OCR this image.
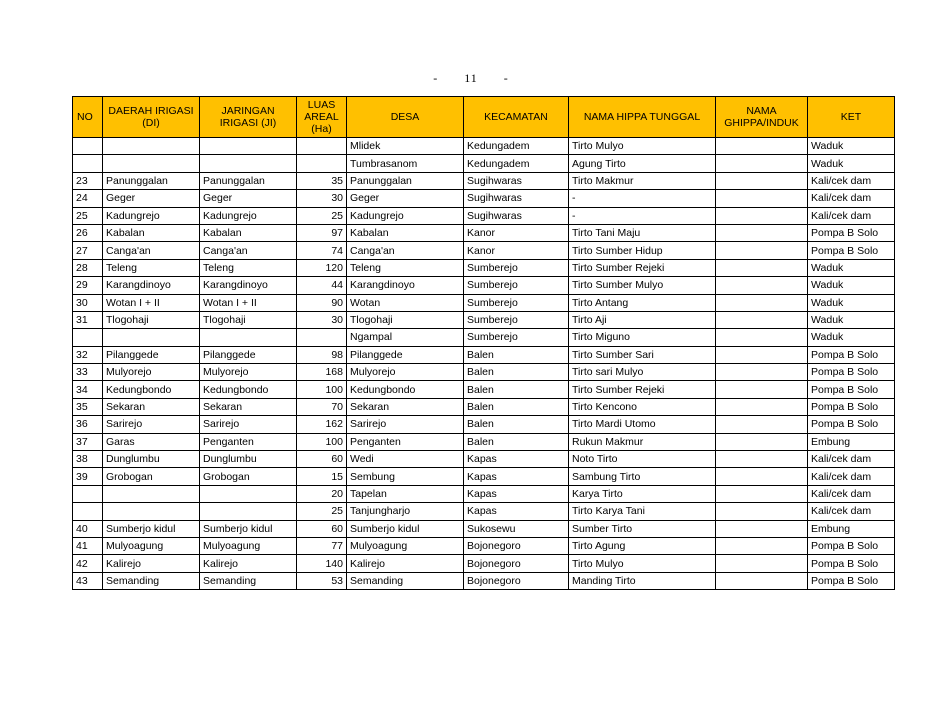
- 11 -
NO	DAERAH IRIGASI (DI)	JARINGAN IRIGASI (JI)	LUAS AREAL (Ha)	DESA	KECAMATAN	NAMA HIPPA TUNGGAL	NAMA GHIPPA/INDUK	KET
				Mlidek	Kedungadem	Tirto Mulyo		Waduk
				Tumbrasanom	Kedungadem	Agung Tirto		Waduk
23	Panunggalan	Panunggalan	35	Panunggalan	Sugihwaras	Tirto Makmur		Kali/cek dam
24	Geger	Geger	30	Geger	Sugihwaras	-		Kali/cek dam
25	Kadungrejo	Kadungrejo	25	Kadungrejo	Sugihwaras	-		Kali/cek dam
26	Kabalan	Kabalan	97	Kabalan	Kanor	Tirto Tani Maju		Pompa B Solo
27	Canga'an	Canga'an	74	Canga'an	Kanor	Tirto Sumber Hidup		Pompa B Solo
28	Teleng	Teleng	120	Teleng	Sumberejo	Tirto Sumber Rejeki		Waduk
29	Karangdinoyo	Karangdinoyo	44	Karangdinoyo	Sumberejo	Tirto Sumber Mulyo		Waduk
30	Wotan I + II	Wotan I + II	90	Wotan	Sumberejo	Tirto Antang		Waduk
31	Tlogohaji	Tlogohaji	30	Tlogohaji	Sumberejo	Tirto Aji		Waduk
				Ngampal	Sumberejo	Tirto Miguno		Waduk
32	Pilanggede	Pilanggede	98	Pilanggede	Balen	Tirto Sumber Sari		Pompa B Solo
33	Mulyorejo	Mulyorejo	168	Mulyorejo	Balen	Tirto sari Mulyo		Pompa B Solo
34	Kedungbondo	Kedungbondo	100	Kedungbondo	Balen	Tirto Sumber Rejeki		Pompa B Solo
35	Sekaran	Sekaran	70	Sekaran	Balen	Tirto Kencono		Pompa B Solo
36	Sarirejo	Sarirejo	162	Sarirejo	Balen	Tirto Mardi Utomo		Pompa B Solo
37	Garas	Penganten	100	Penganten	Balen	Rukun Makmur		Embung
38	Dunglumbu	Dunglumbu	60	Wedi	Kapas	Noto Tirto		Kali/cek dam
39	Grobogan	Grobogan	15	Sembung	Kapas	Sambung Tirto		Kali/cek dam
			20	Tapelan	Kapas	Karya Tirto		Kali/cek dam
			25	Tanjungharjo	Kapas	Tirto Karya Tani		Kali/cek dam
40	Sumberjo kidul	Sumberjo kidul	60	Sumberjo kidul	Sukosewu	Sumber Tirto		Embung
41	Mulyoagung	Mulyoagung	77	Mulyoagung	Bojonegoro	Tirto Agung		Pompa B Solo
42	Kalirejo	Kalirejo	140	Kalirejo	Bojonegoro	Tirto Mulyo		Pompa B Solo
43	Semanding	Semanding	53	Semanding	Bojonegoro	Manding Tirto		Pompa B Solo
